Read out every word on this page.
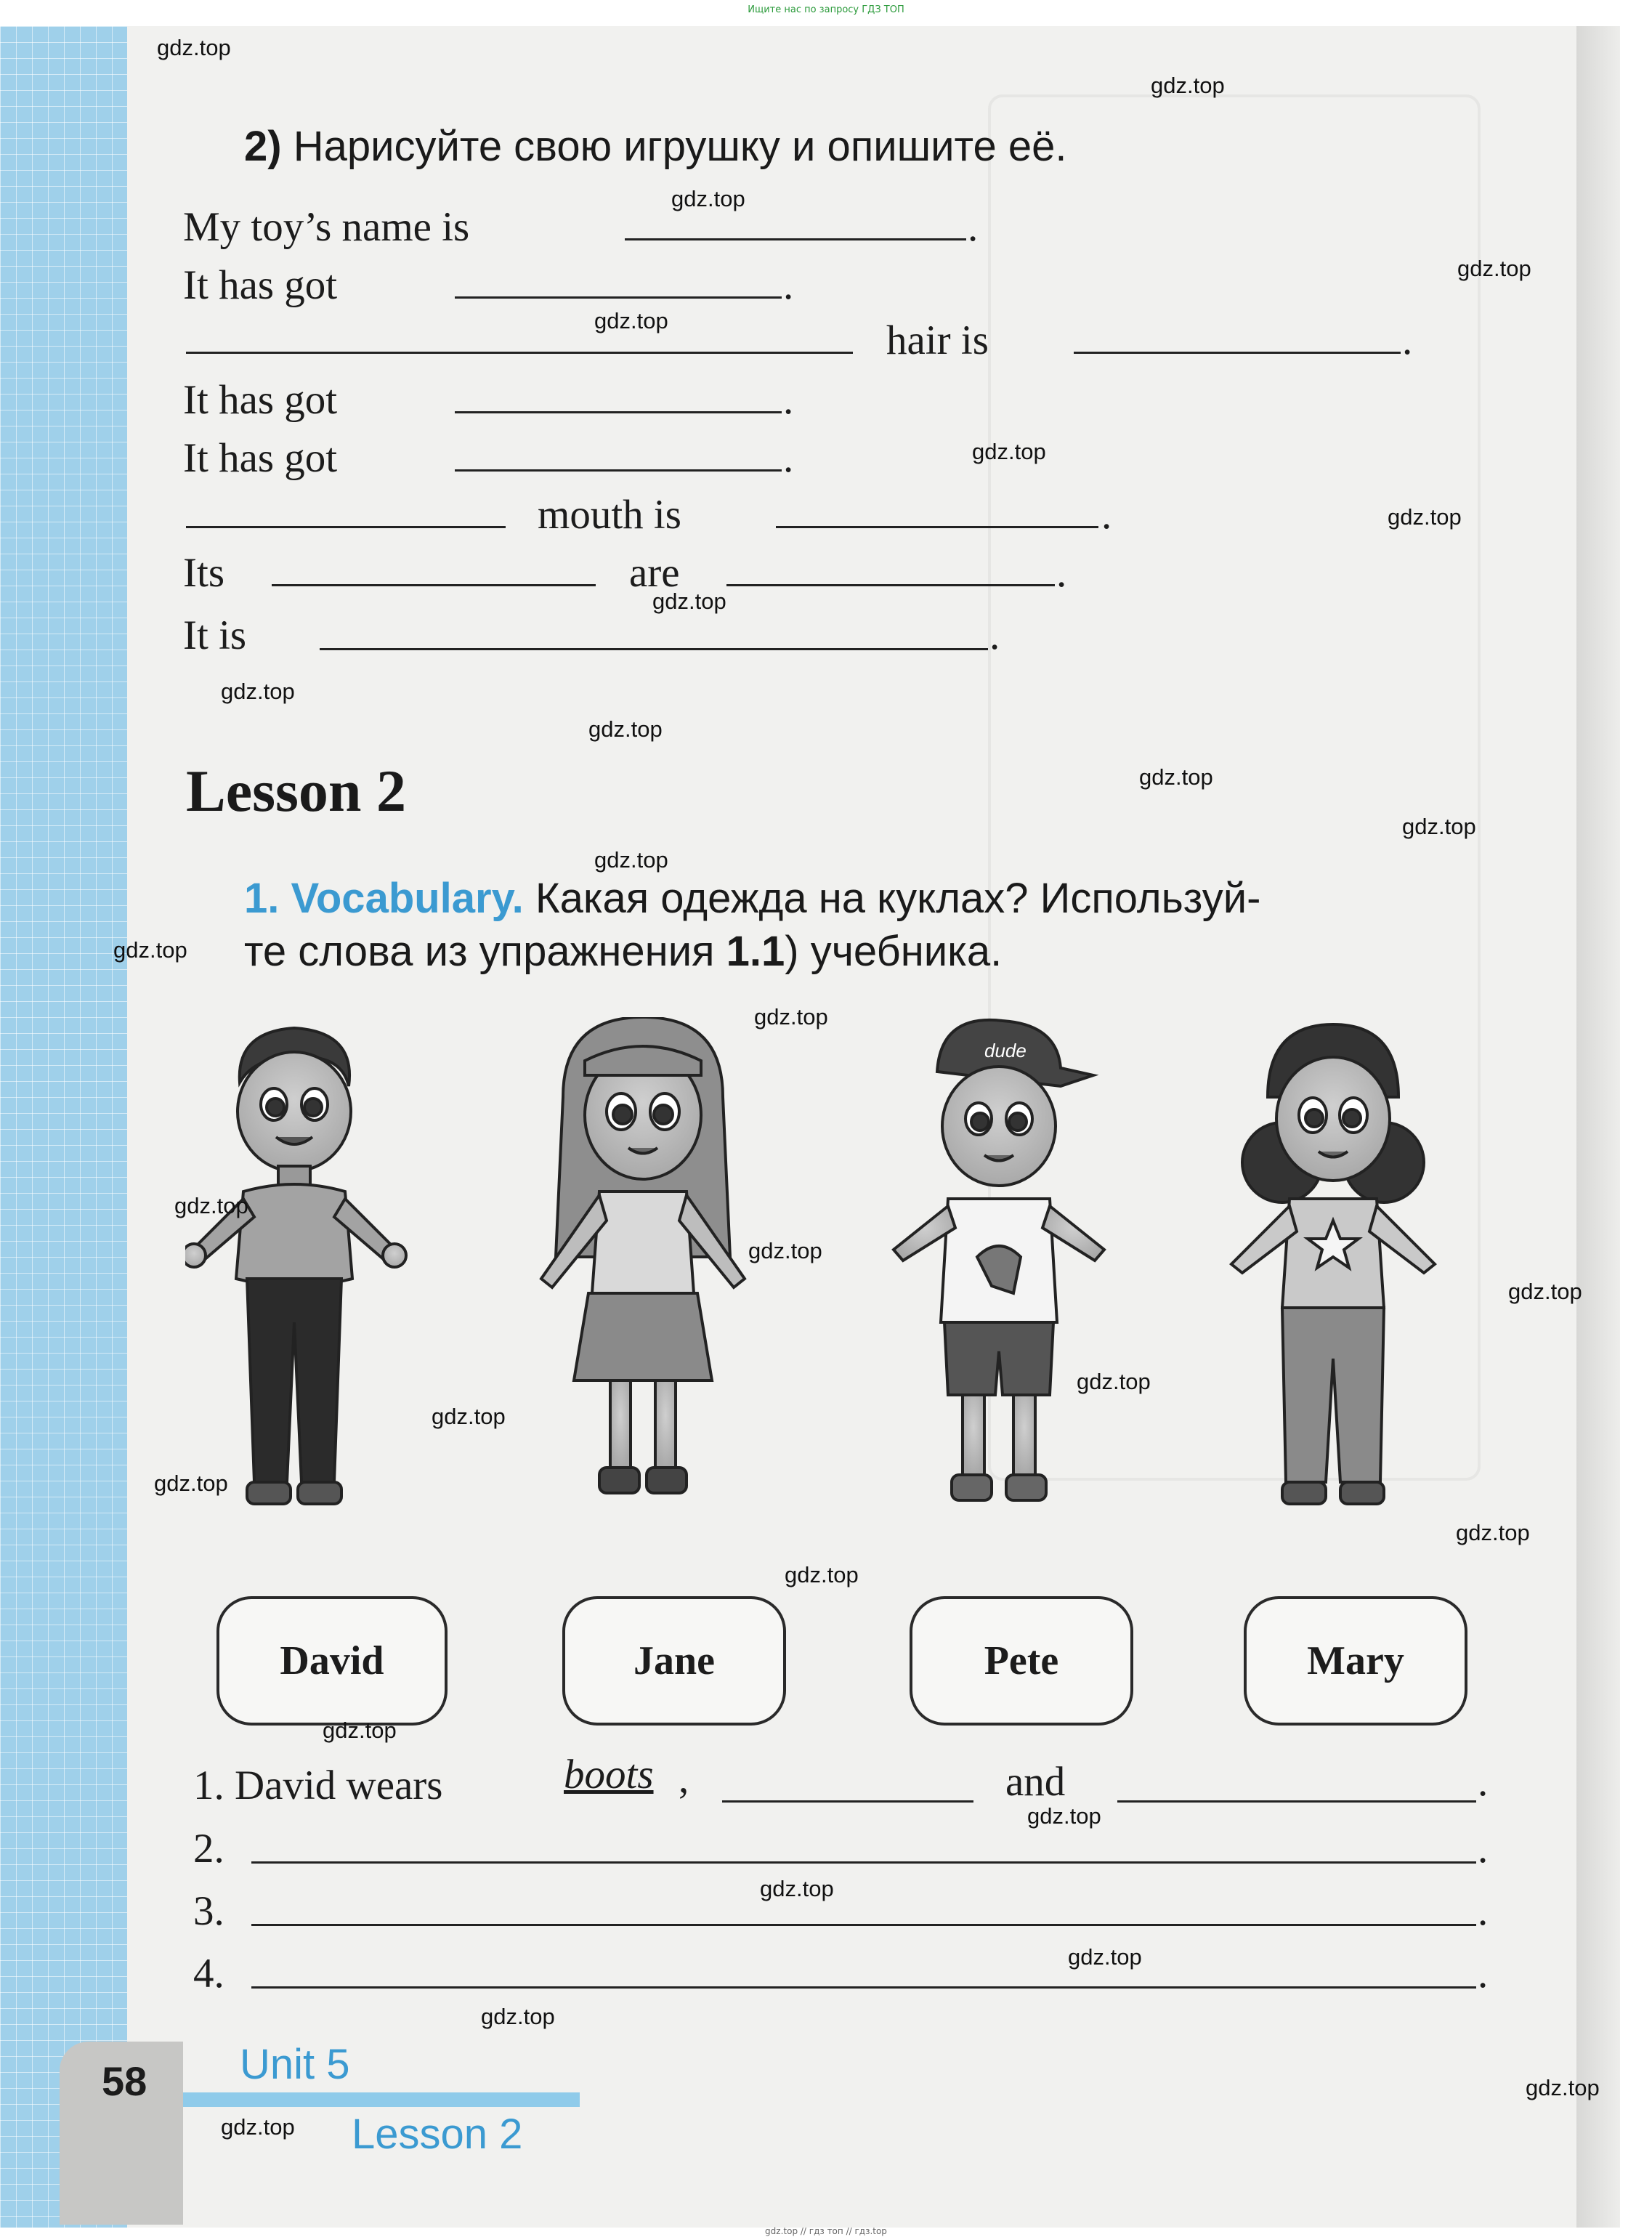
Ищите нас по запросу ГДЗ ТОП
2) Нарисуйте свою игрушку и опишите её.
My toy’s name is	.
It has got	.
hair is	.
It has got	.
It has got	.
mouth is	.
Its	are	.
It is	.
Lesson 2
1. Vocabulary. Какая одежда на куклах? Используй-
те слова из упражнения 1.1) учебника.
dude
David	Jane	Pete	Mary
1. David wears	boots ,	and	.
2.	.
3.	.
4.	.
58 Unit 5
Lesson 2
gdz.top
gdz.top
gdz.top
gdz.top
gdz.top
gdz.top
gdz.top
gdz.top
gdz.top
gdz.top
gdz.top
gdz.top
gdz.top
gdz.top
gdz.top
gdz.top
gdz.top
gdz.top
gdz.top
gdz.top
gdz.top
gdz.top
gdz.top
gdz.top
gdz.top
gdz.top
gdz.top
gdz.top
gdz.top
gdz.top
gdz.top // гдз топ // гдз.top
